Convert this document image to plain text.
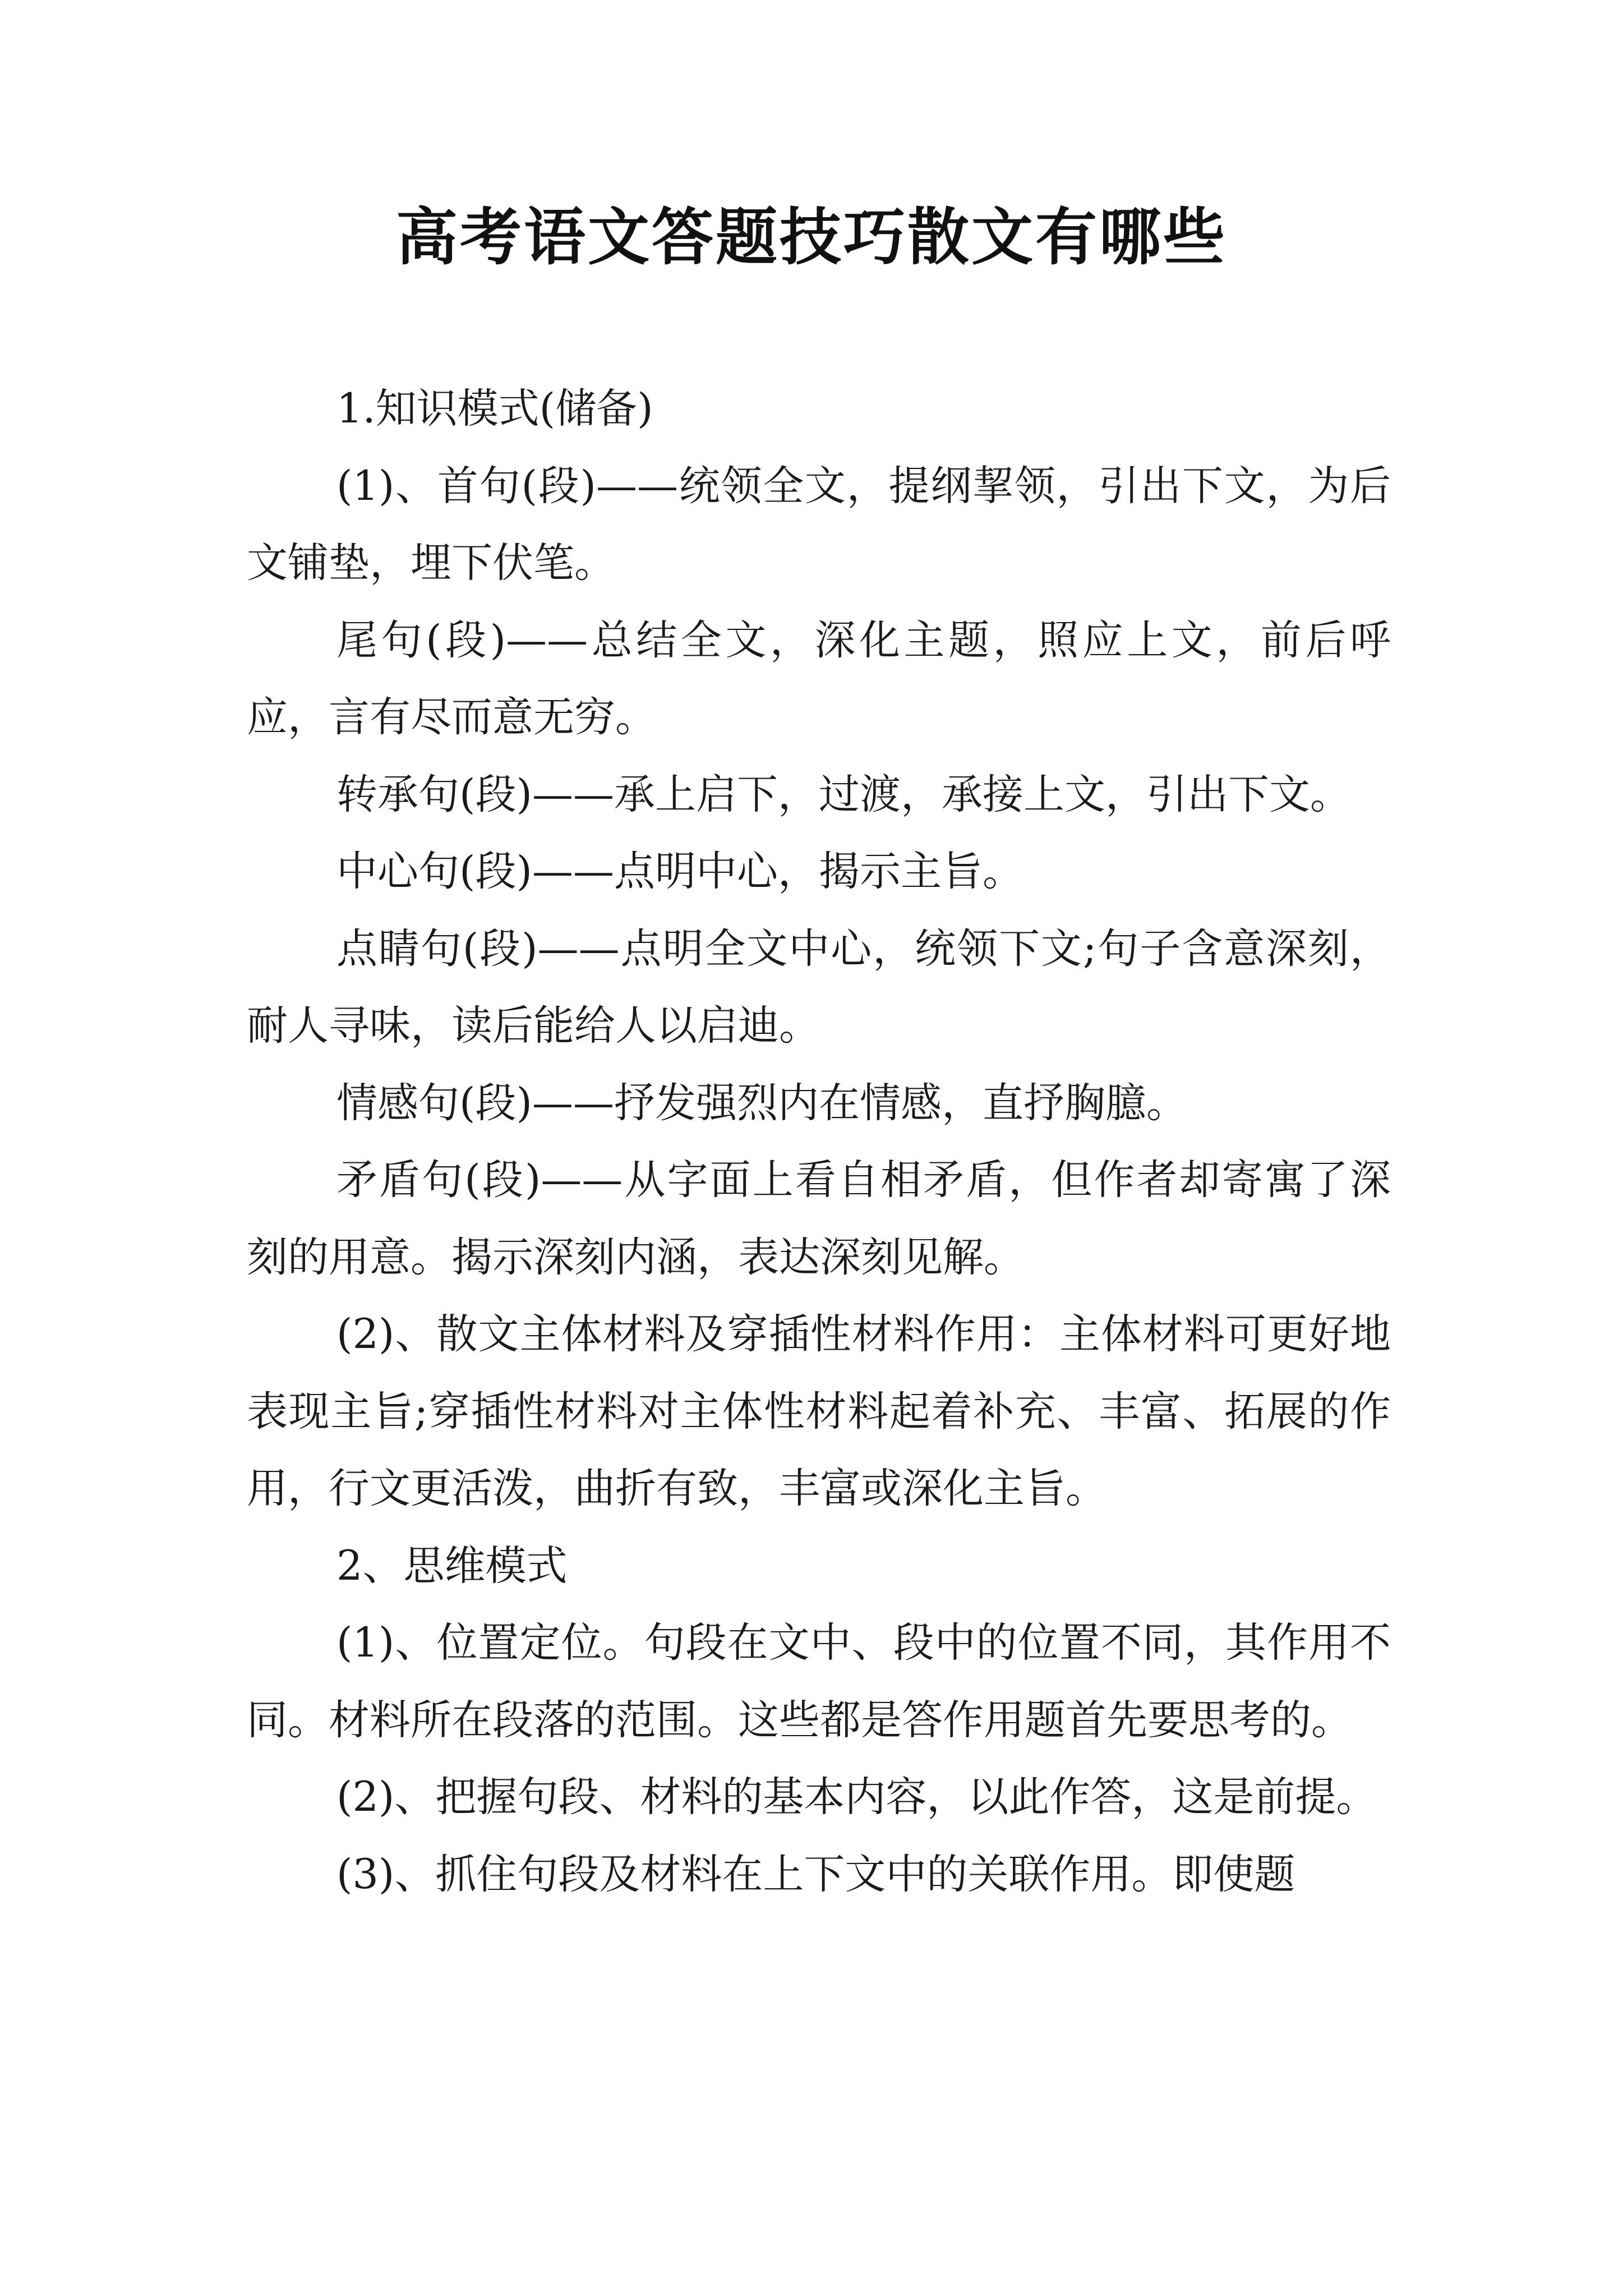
高考语文答题技巧散文有哪些

1.知识模式(储备)

(1)、首句(段)——统领全文，提纲挈领，引出下文，为后文铺垫，埋下伏笔。

尾句(段)——总结全文，深化主题，照应上文，前后呼应，言有尽而意无穷。

转承句(段)——承上启下，过渡，承接上文，引出下文。

中心句(段)——点明中心，揭示主旨。

点睛句(段)——点明全文中心，统领下文;句子含意深刻，耐人寻味，读后能给人以启迪。

情感句(段)——抒发强烈内在情感，直抒胸臆。

矛盾句(段)——从字面上看自相矛盾，但作者却寄寓了深刻的用意。揭示深刻内涵，表达深刻见解。

(2)、散文主体材料及穿插性材料作用：主体材料可更好地表现主旨;穿插性材料对主体性材料起着补充、丰富、拓展的作用，行文更活泼，曲折有致，丰富或深化主旨。

2、思维模式

(1)、位置定位。句段在文中、段中的位置不同，其作用不同。材料所在段落的范围。这些都是答作用题首先要思考的。

(2)、把握句段、材料的基本内容，以此作答，这是前提。

(3)、抓住句段及材料在上下文中的关联作用。即使题
